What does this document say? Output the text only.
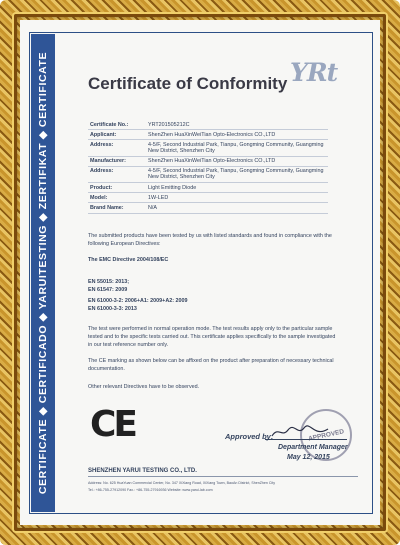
CERTIFICATE ◆ CERTIFICADO ◆ YARUITESTING ◆ ZERTIFIKAT ◆ CERTIFICATE Certificate of Conformity YRt
Certificate No.:	YRT201505212C
Applicant:	ShenZhen HuaXinWeiTian Opto-Electronics CO.,LTD
Address:	4-5/F, Second Industrial Park, Tianpu, Gongming Community, Guangming New District, Shenzhen City
Manufacturer:	ShenZhen HuaXinWeiTian Opto-Electronics CO.,LTD
Address:	4-5/F, Second Industrial Park, Tianpu, Gongming Community, Guangming New District, Shenzhen City
Product:	Light Emitting Diode
Model:	1W-LED
Brand Name:	N/A
The submitted products have been tested by us with listed standards and found in compliance with the following European Directives:
The EMC Directive 2004/108/EC
EN 55015: 2013;
EN 61547: 2009
EN 61000-3-2: 2006+A1: 2009+A2: 2009
EN 61000-3-3: 2013
The test were performed in normal operation mode. The test results apply only to the particular sample tested and to the specific tests carried out. This certificate applies specifically to the sample investigated in our test reference number only.
The CE marking as shown below can be affixed on the product after preparation of necessary technical documentation.
Other relevant Directives have to be observed.
CE	APPROVED
Approved by:
Department Manager
May 12, 2015
SHENZHEN YARUI TESTING CO., LTD.
Address: No. 625 HuaYuan Commercial Center, No. 347 XiXiang Road, XiXiang Town, BaoAn District, ShenZhen City
Tel.: +86-755-27912090 Fax.: +86-755-27916936 Website: www.yarui-lab.com
